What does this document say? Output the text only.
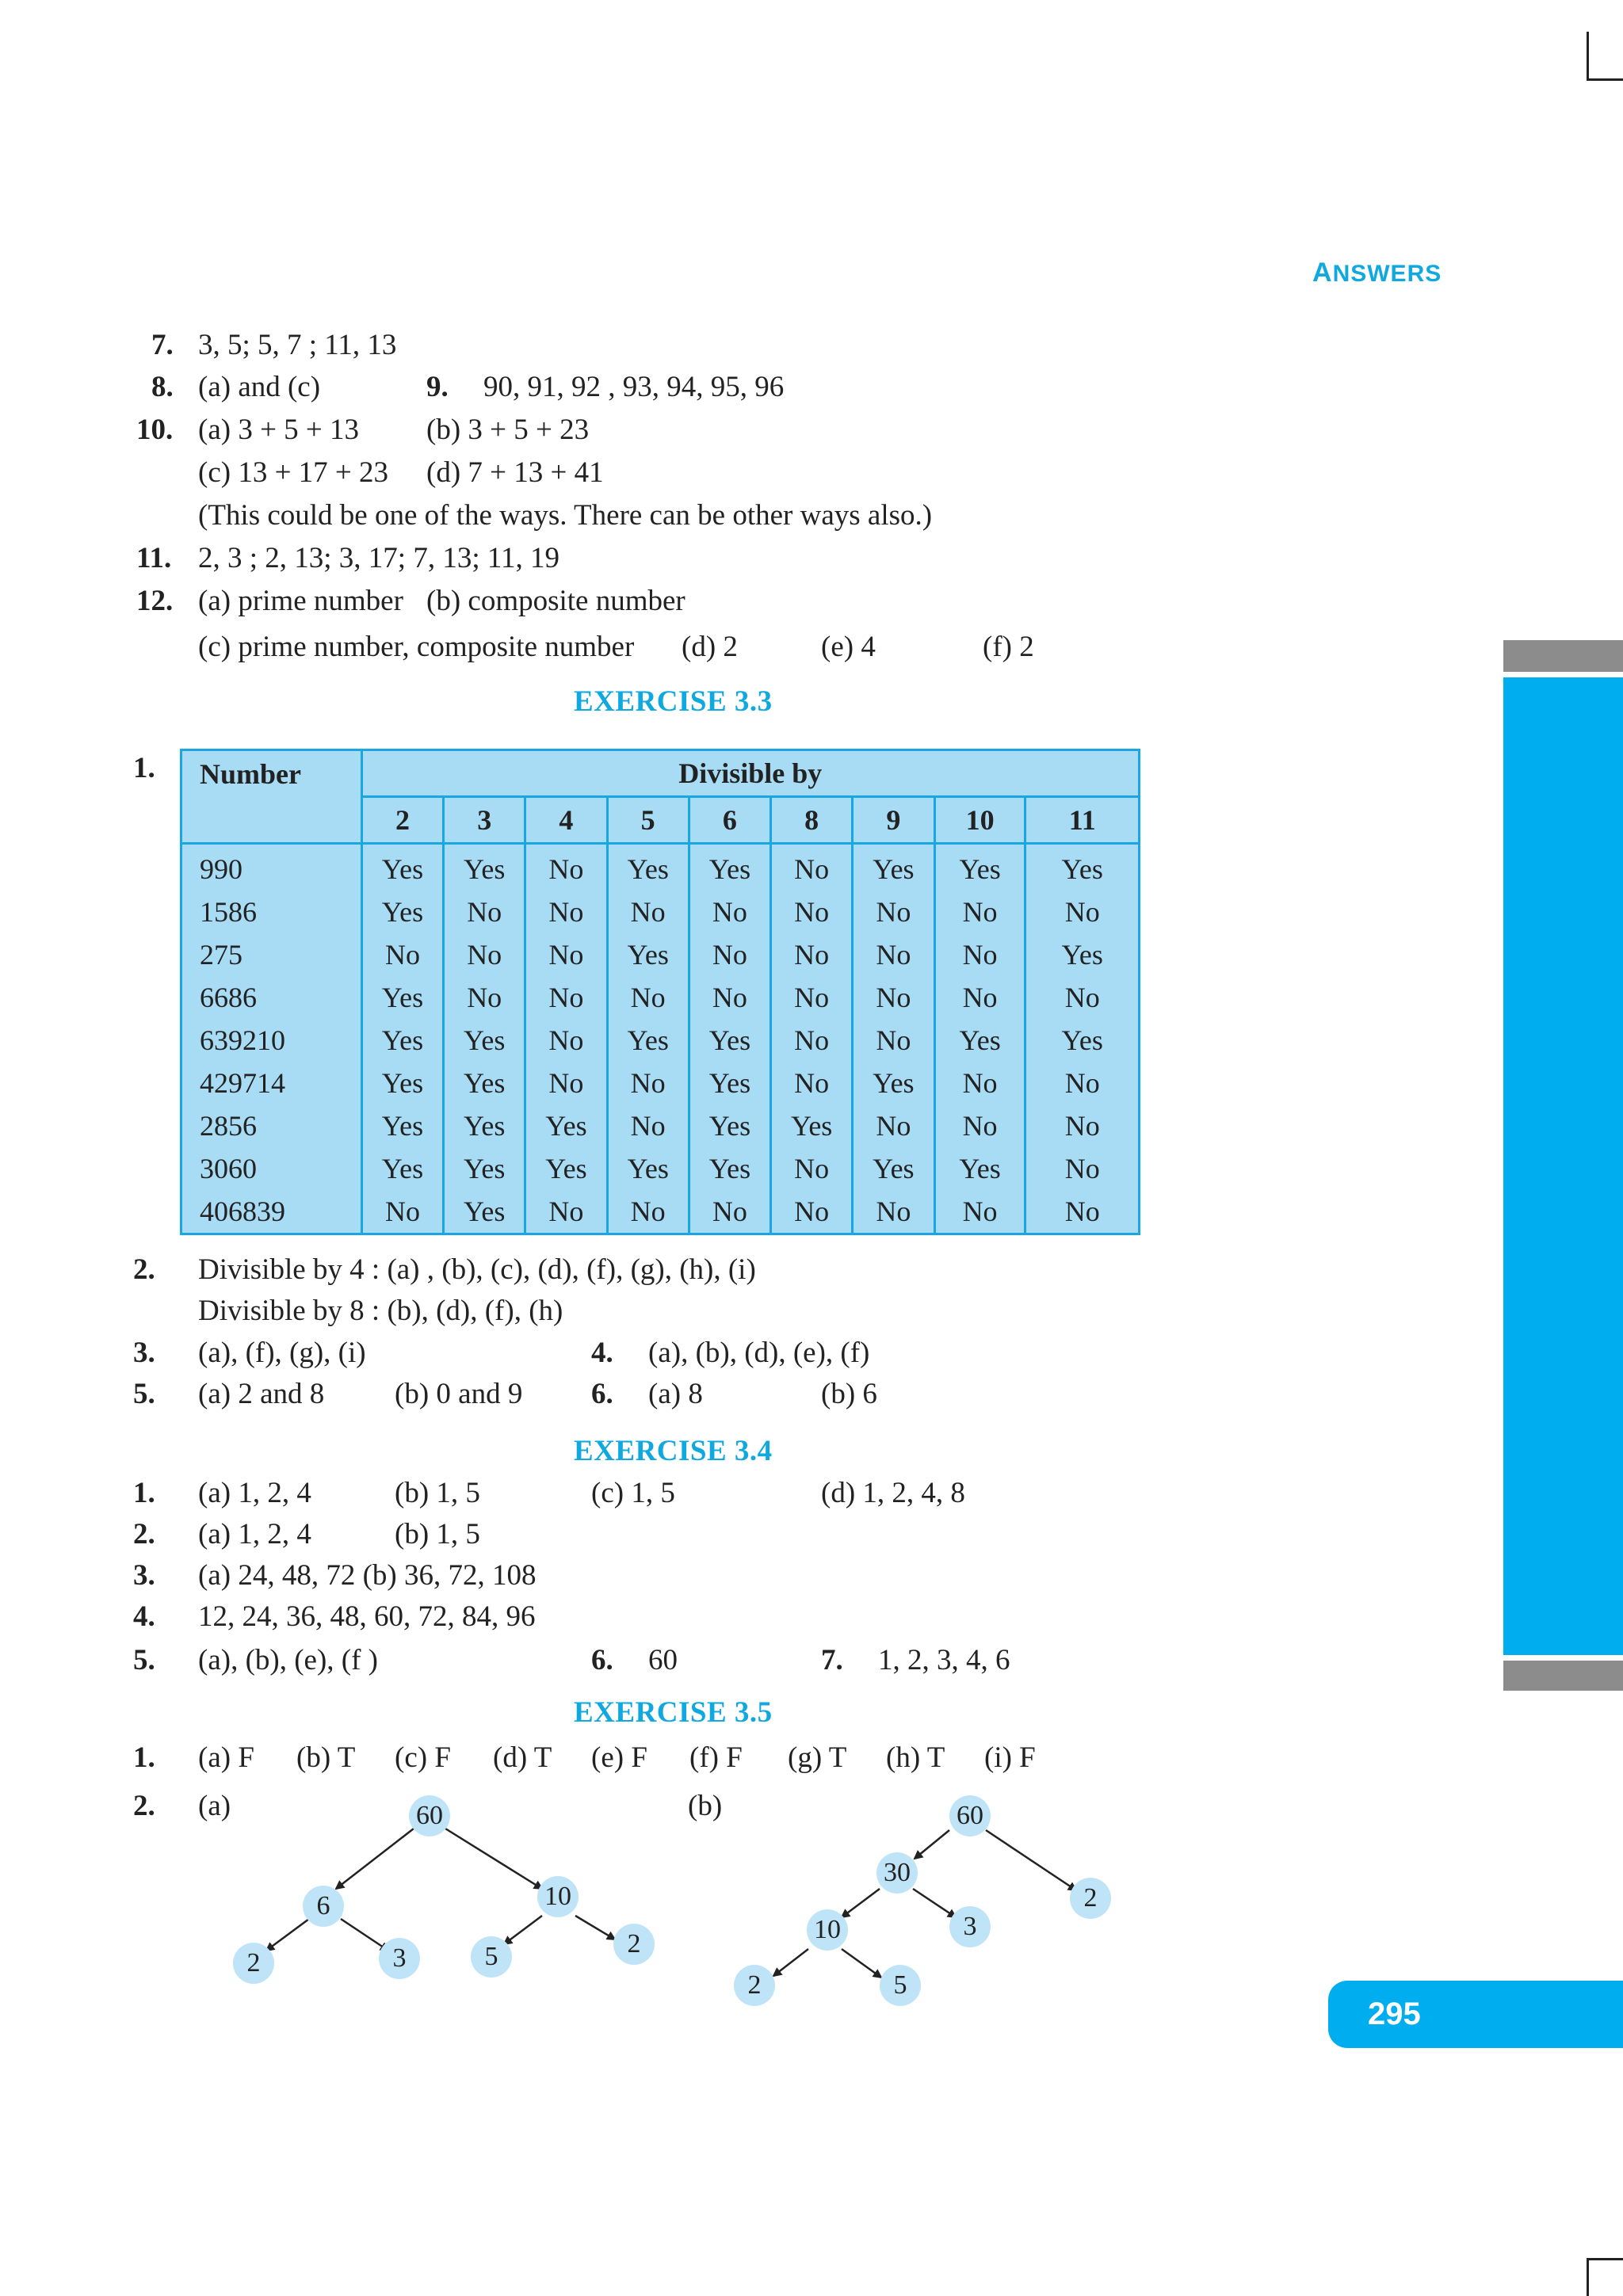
295
ANSWERS
7. 3, 5; 5, 7 ; 11, 13
8. (a) and (c)	9. 90, 91, 92 , 93, 94, 95, 96
10. (a) 3 + 5 + 13 (b) 3 + 5 + 23
(c) 13 + 17 + 23 (d) 7 + 13 + 41
(This could be one of the ways. There can be other ways also.)
11. 2, 3 ; 2, 13; 3, 17; 7, 13; 11, 19
12. (a) prime number (b) composite number
(c) prime number, composite number (d) 2	(e) 4	(f) 2
EXERCISE 3.3
1. Number	Divisible by								
	2	3	4	5	6	8	9	10	11
990	Yes	Yes	No	Yes	Yes	No	Yes	Yes	Yes
1586	Yes	No	No	No	No	No	No	No	No
275	No	No	No	Yes	No	No	No	No	Yes
6686	Yes	No	No	No	No	No	No	No	No
639210	Yes	Yes	No	Yes	Yes	No	No	Yes	Yes
429714	Yes	Yes	No	No	Yes	No	Yes	No	No
2856	Yes	Yes	Yes	No	Yes	Yes	No	No	No
3060	Yes	Yes	Yes	Yes	Yes	No	Yes	Yes	No
406839	No	Yes	No	No	No	No	No	No	No
2. Divisible by 4 : (a) , (b), (c), (d), (f), (g), (h), (i)
Divisible by 8 : (b), (d), (f), (h)
3. (a), (f), (g), (i)	4. (a), (b), (d), (e), (f)
5. (a) 2 and 8 (b) 0 and 9 6. (a) 8	(b) 6
EXERCISE 3.4
1. (a) 1, 2, 4	(b) 1, 5	(c) 1, 5	(d) 1, 2, 4, 8
2. (a) 1, 2, 4	(b) 1, 5
3. (a) 24, 48, 72 (b) 36, 72, 108
4. 12, 24, 36, 48, 60, 72, 84, 96
5. (a), (b), (e), (f )	6. 60	7. 1, 2, 3, 4, 6
EXERCISE 3.5
1. (a) F (b) T (c) F (d) T (e) F (f) F (g) T (h) T (i) F
2. (a)	(b)
60
6	10
2	3	5	2
60
30
2
10	3
2	5
